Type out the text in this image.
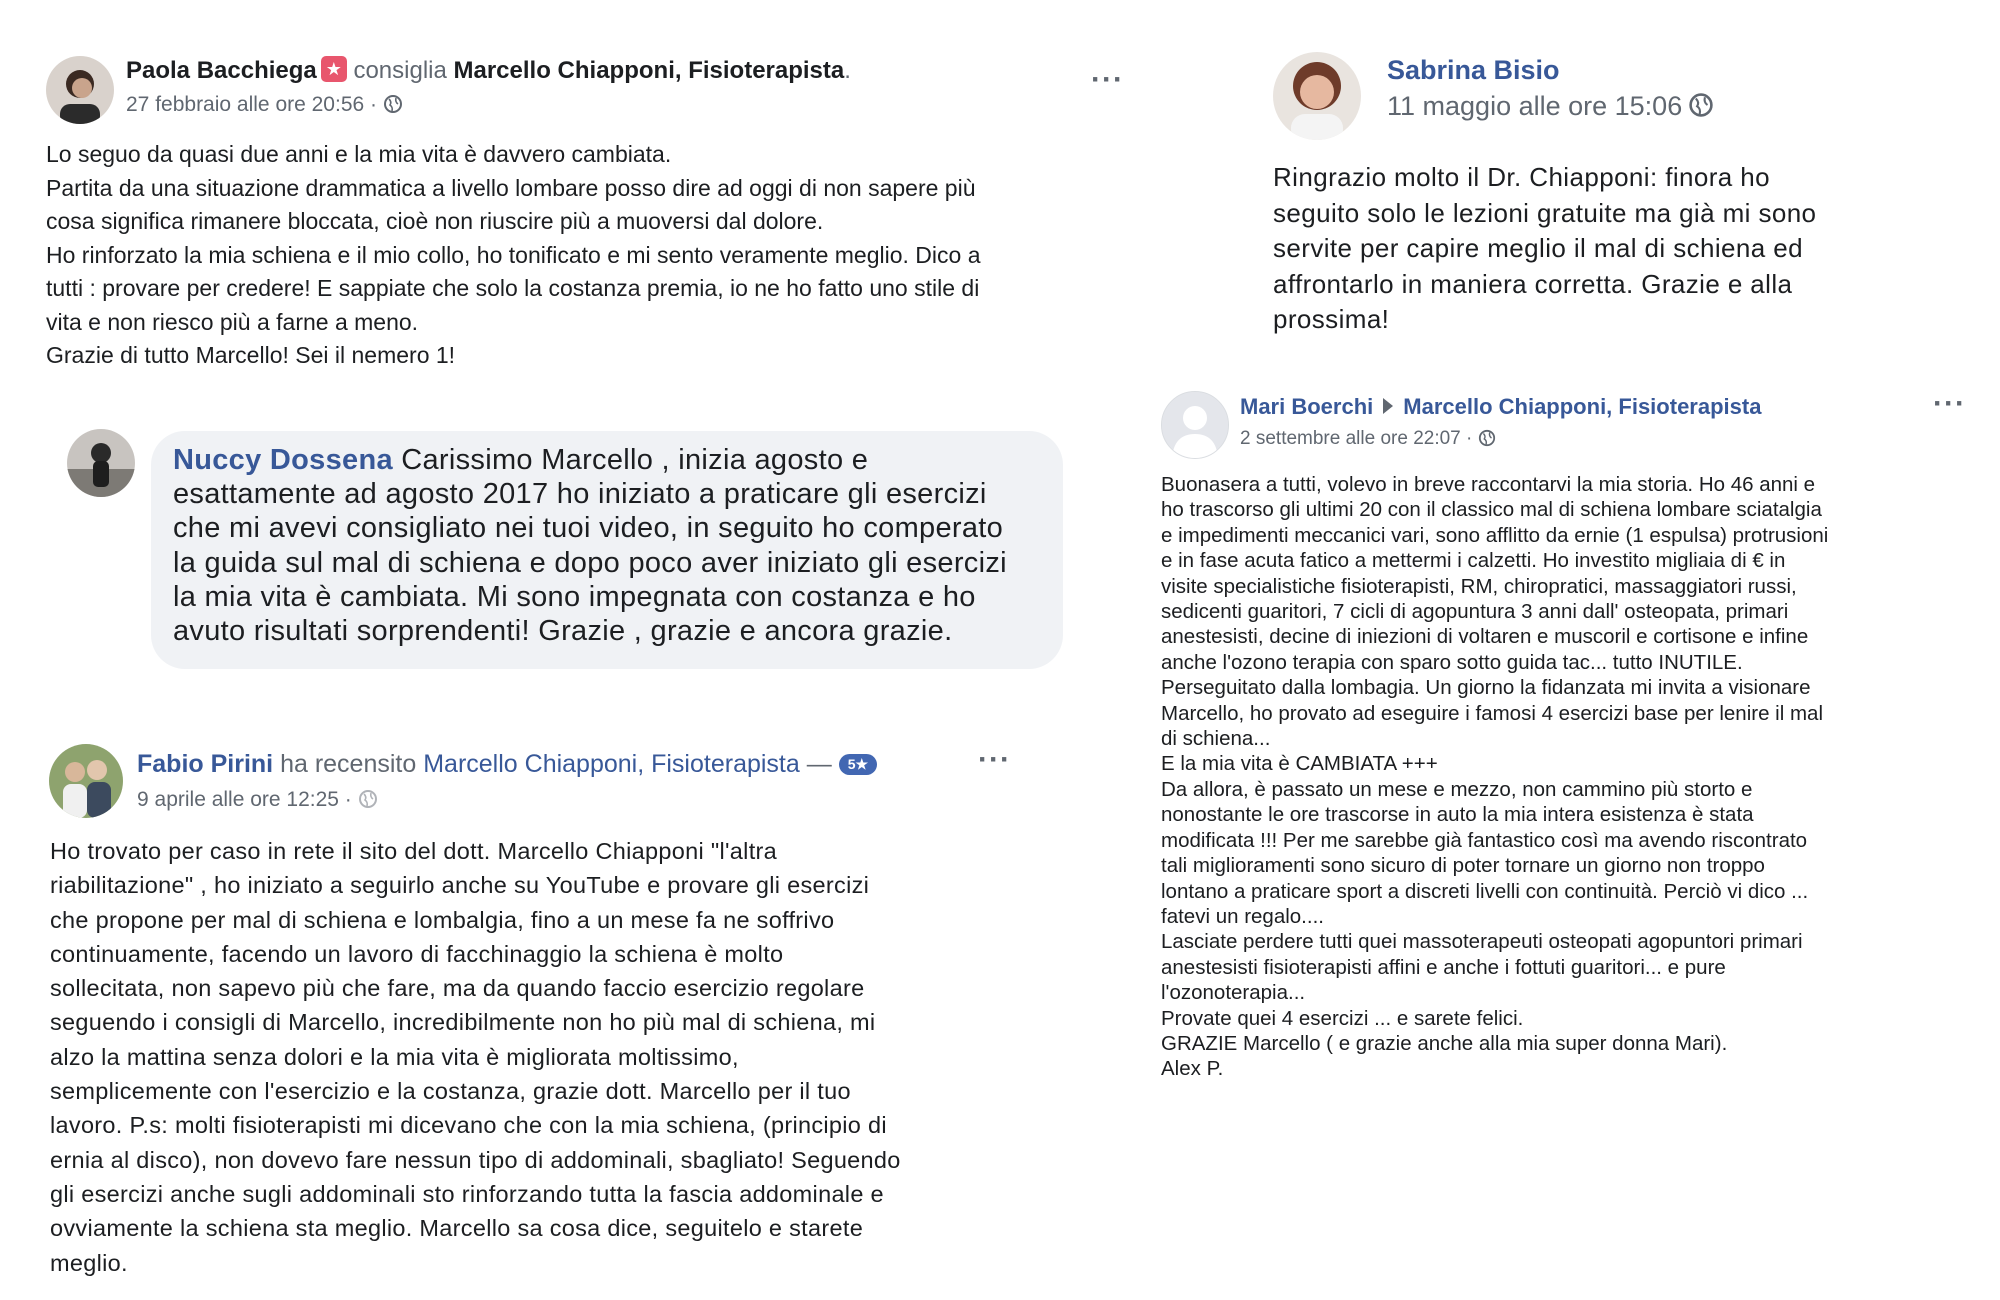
Paola Bacchiega★ consiglia Marcello Chiapponi, Fisioterapista.
27 febbraio alle ore 20:56 ·
···

Lo seguo da quasi due anni e la mia vita è davvero cambiata.

Partita da una situazione drammatica a livello lombare posso dire ad oggi di non sapere più

cosa significa rimanere bloccata, cioè non riuscire più a muoversi dal dolore.

Ho rinforzato la mia schiena e il mio collo, ho tonificato e mi sento veramente meglio. Dico a

tutti : provare per credere! E sappiate che solo la costanza premia, io ne ho fatto uno stile di

vita e non riesco più a farne a meno.

Grazie di tutto Marcello! Sei il nemero 1!

Nuccy Dossena Carissimo Marcello , inizia agosto e
esattamente ad agosto 2017 ho iniziato a praticare gli esercizi
che mi avevi consigliato nei tuoi video, in seguito ho comperato
la guida sul mal di schiena e dopo poco aver iniziato gli esercizi
la mia vita è cambiata. Mi sono impegnata con costanza e ho
avuto risultati sorprendenti! Grazie , grazie e ancora grazie.
Fabio Pirini ha recensito Marcello Chiapponi, Fisioterapista — 5★
9 aprile alle ore 12:25 ·
···

Ho trovato per caso in rete il sito del dott. Marcello Chiapponi "l'altra

riabilitazione" , ho iniziato a seguirlo anche su YouTube e provare gli esercizi

che propone per mal di schiena e lombalgia, fino a un mese fa ne soffrivo

continuamente, facendo un lavoro di facchinaggio la schiena è molto

sollecitata, non sapevo più che fare, ma da quando faccio esercizio regolare

seguendo i consigli di Marcello, incredibilmente non ho più mal di schiena, mi

alzo la mattina senza dolori e la mia vita è migliorata moltissimo,

semplicemente con l'esercizio e la costanza, grazie dott. Marcello per il tuo

lavoro. P.s: molti fisioterapisti mi dicevano che con la mia schiena, (principio di

ernia al disco), non dovevo fare nessun tipo di addominali, sbagliato! Seguendo

gli esercizi anche sugli addominali sto rinforzando tutta la fascia addominale e

ovviamente la schiena sta meglio. Marcello sa cosa dice, seguitelo e starete

meglio.

Sabrina Bisio
11 maggio alle ore 15:06

Ringrazio molto il Dr. Chiapponi: finora ho

seguito solo le lezioni gratuite ma già mi sono

servite per capire meglio il mal di schiena ed

affrontarlo in maniera corretta. Grazie e alla

prossima!

Mari Boerchi Marcello Chiapponi, Fisioterapista
2 settembre alle ore 22:07 ·
···

Buonasera a tutti, volevo in breve raccontarvi la mia storia. Ho 46 anni e

ho trascorso gli ultimi 20 con il classico mal di schiena lombare sciatalgia

e impedimenti meccanici vari, sono afflitto da ernie (1 espulsa) protrusioni

e in fase acuta fatico a mettermi i calzetti. Ho investito migliaia di € in

visite specialistiche fisioterapisti, RM, chiropratici, massaggiatori russi,

sedicenti guaritori, 7 cicli di agopuntura 3 anni dall' osteopata, primari

anestesisti, decine di iniezioni di voltaren e muscoril e cortisone e infine

anche l'ozono terapia con sparo sotto guida tac... tutto INUTILE.

Perseguitato dalla lombagia. Un giorno la fidanzata mi invita a visionare

Marcello, ho provato ad eseguire i famosi 4 esercizi base per lenire il mal

di schiena...

E la mia vita è CAMBIATA +++

Da allora, è passato un mese e mezzo, non cammino più storto e

nonostante le ore trascorse in auto la mia intera esistenza è stata

modificata !!! Per me sarebbe già fantastico così ma avendo riscontrato

tali miglioramenti sono sicuro di poter tornare un giorno non troppo

lontano a praticare sport a discreti livelli con continuità. Perciò vi dico ...

fatevi un regalo....

Lasciate perdere tutti quei massoterapeuti osteopati agopuntori primari

anestesisti fisioterapisti affini e anche i fottuti guaritori... e pure

l'ozonoterapia...

Provate quei 4 esercizi ... e sarete felici.

GRAZIE Marcello ( e grazie anche alla mia super donna Mari).

Alex P.
